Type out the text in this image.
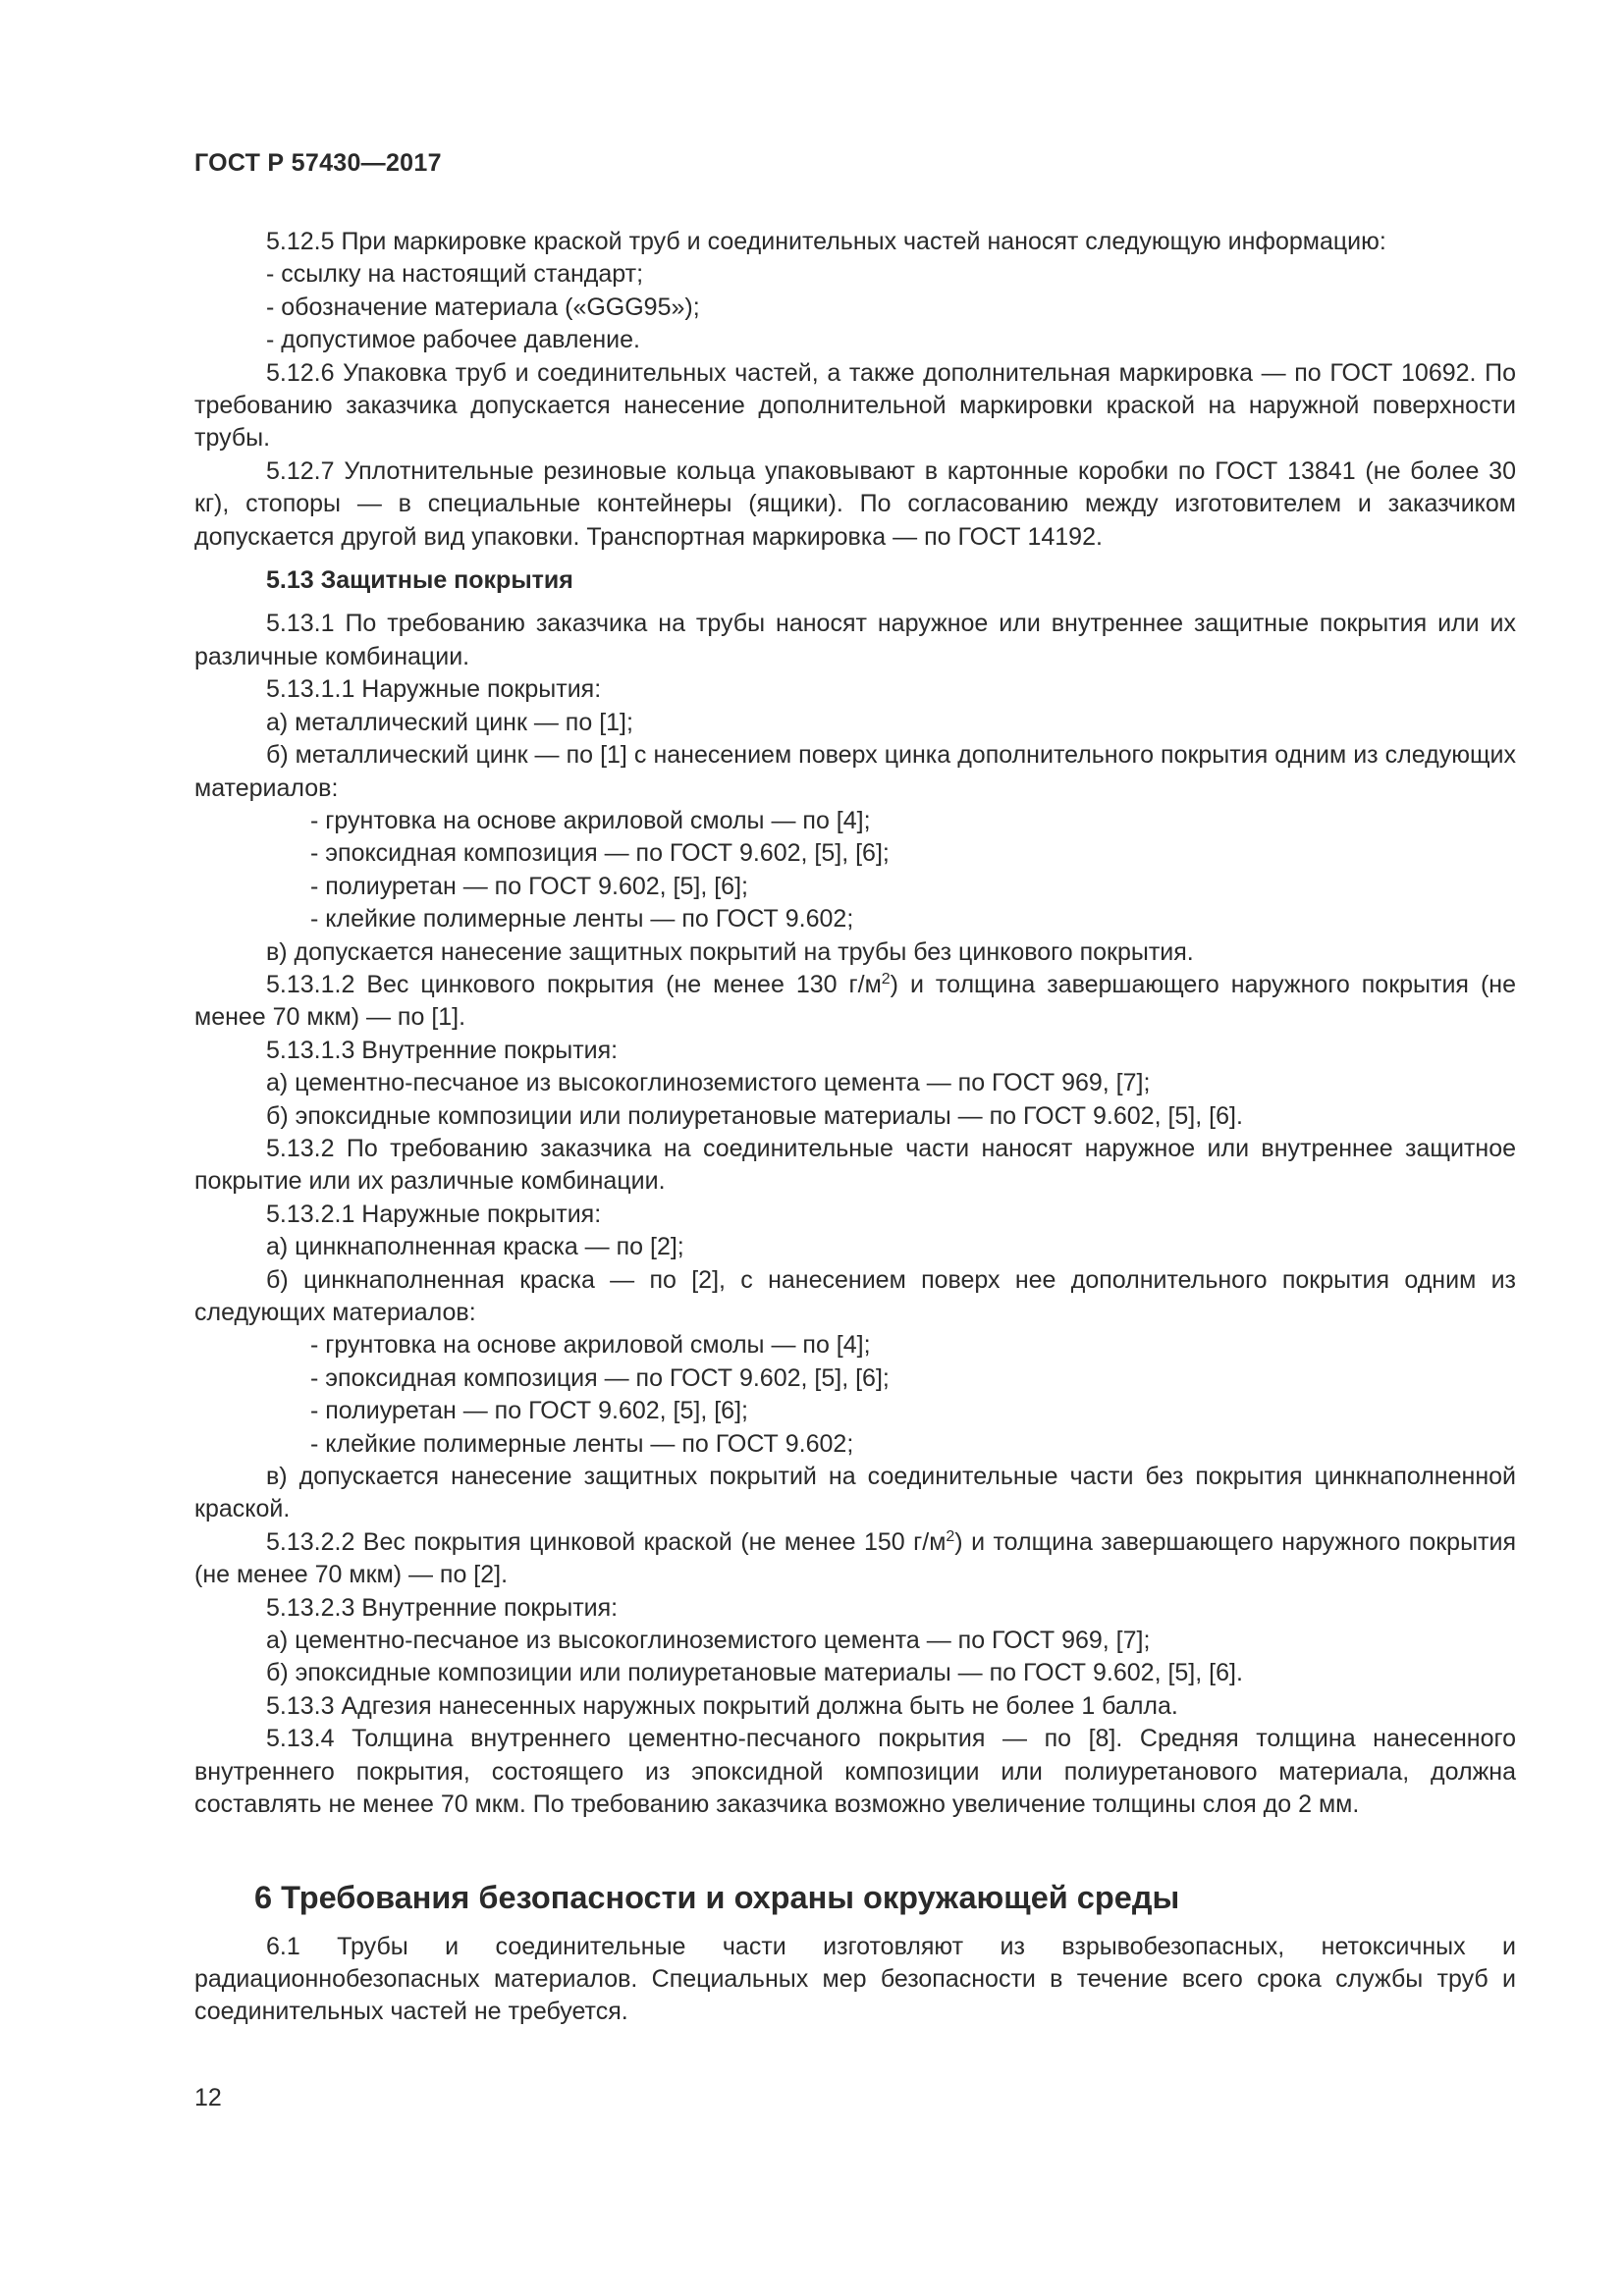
ГОСТ Р 57430—2017

5.12.5 При маркировке краской труб и соединительных частей наносят следующую информацию:

- ссылку на настоящий стандарт;

- обозначение материала («GGG95»);

- допустимое рабочее давление.

5.12.6 Упаковка труб и соединительных частей, а также дополнительная маркировка — по ГОСТ 10692. По требованию заказчика допускается нанесение дополнительной маркировки краской на наружной поверхности трубы.

5.12.7 Уплотнительные резиновые кольца упаковывают в картонные коробки по ГОСТ 13841 (не более 30 кг), стопоры — в специальные контейнеры (ящики). По согласованию между изготовителем и заказчиком допускается другой вид упаковки. Транспортная маркировка — по ГОСТ 14192.

5.13 Защитные покрытия

5.13.1 По требованию заказчика на трубы наносят наружное или внутреннее защитные покрытия или их различные комбинации.

5.13.1.1 Наружные покрытия:

а) металлический цинк — по [1];

б) металлический цинк — по [1] с нанесением поверх цинка дополнительного покрытия одним из следующих материалов:

- грунтовка на основе акриловой смолы — по [4];

- эпоксидная композиция — по ГОСТ 9.602, [5], [6];

- полиуретан — по ГОСТ 9.602, [5], [6];

- клейкие полимерные ленты — по ГОСТ 9.602;

в) допускается нанесение защитных покрытий на трубы без цинкового покрытия.

5.13.1.2 Вес цинкового покрытия (не менее 130 $г/м^2$) и толщина завершающего наружного покрытия (не менее 70 мкм) — по [1].

5.13.1.3 Внутренние покрытия:

а) цементно-песчаное из высокоглиноземистого цемента — по ГОСТ 969, [7];

б) эпоксидные композиции или полиуретановые материалы — по ГОСТ 9.602, [5], [6].

5.13.2 По требованию заказчика на соединительные части наносят наружное или внутреннее защитное покрытие или их различные комбинации.

5.13.2.1 Наружные покрытия:

а) цинкнаполненная краска — по [2];

б) цинкнаполненная краска — по [2], с нанесением поверх нее дополнительного покрытия одним из следующих материалов:

- грунтовка на основе акриловой смолы — по [4];

- эпоксидная композиция — по ГОСТ 9.602, [5], [6];

- полиуретан — по ГОСТ 9.602, [5], [6];

- клейкие полимерные ленты — по ГОСТ 9.602;

в) допускается нанесение защитных покрытий на соединительные части без покрытия цинкнаполненной краской.

5.13.2.2 Вес покрытия цинковой краской (не менее 150 $г/м^2$) и толщина завершающего наружного покрытия (не менее 70 мкм) — по [2].

5.13.2.3 Внутренние покрытия:

а) цементно-песчаное из высокоглиноземистого цемента — по ГОСТ 969, [7];

б) эпоксидные композиции или полиуретановые материалы — по ГОСТ 9.602, [5], [6].

5.13.3 Адгезия нанесенных наружных покрытий должна быть не более 1 балла.

5.13.4 Толщина внутреннего цементно-песчаного покрытия — по [8]. Средняя толщина нанесенного внутреннего покрытия, состоящего из эпоксидной композиции или полиуретанового материала, должна составлять не менее 70 мкм. По требованию заказчика возможно увеличение толщины слоя до 2 мм.

6 Требования безопасности и охраны окружающей среды

6.1 Трубы и соединительные части изготовляют из взрывобезопасных, нетоксичных и радиационнобезопасных материалов. Специальных мер безопасности в течение всего срока службы труб и соединительных частей не требуется.

12
